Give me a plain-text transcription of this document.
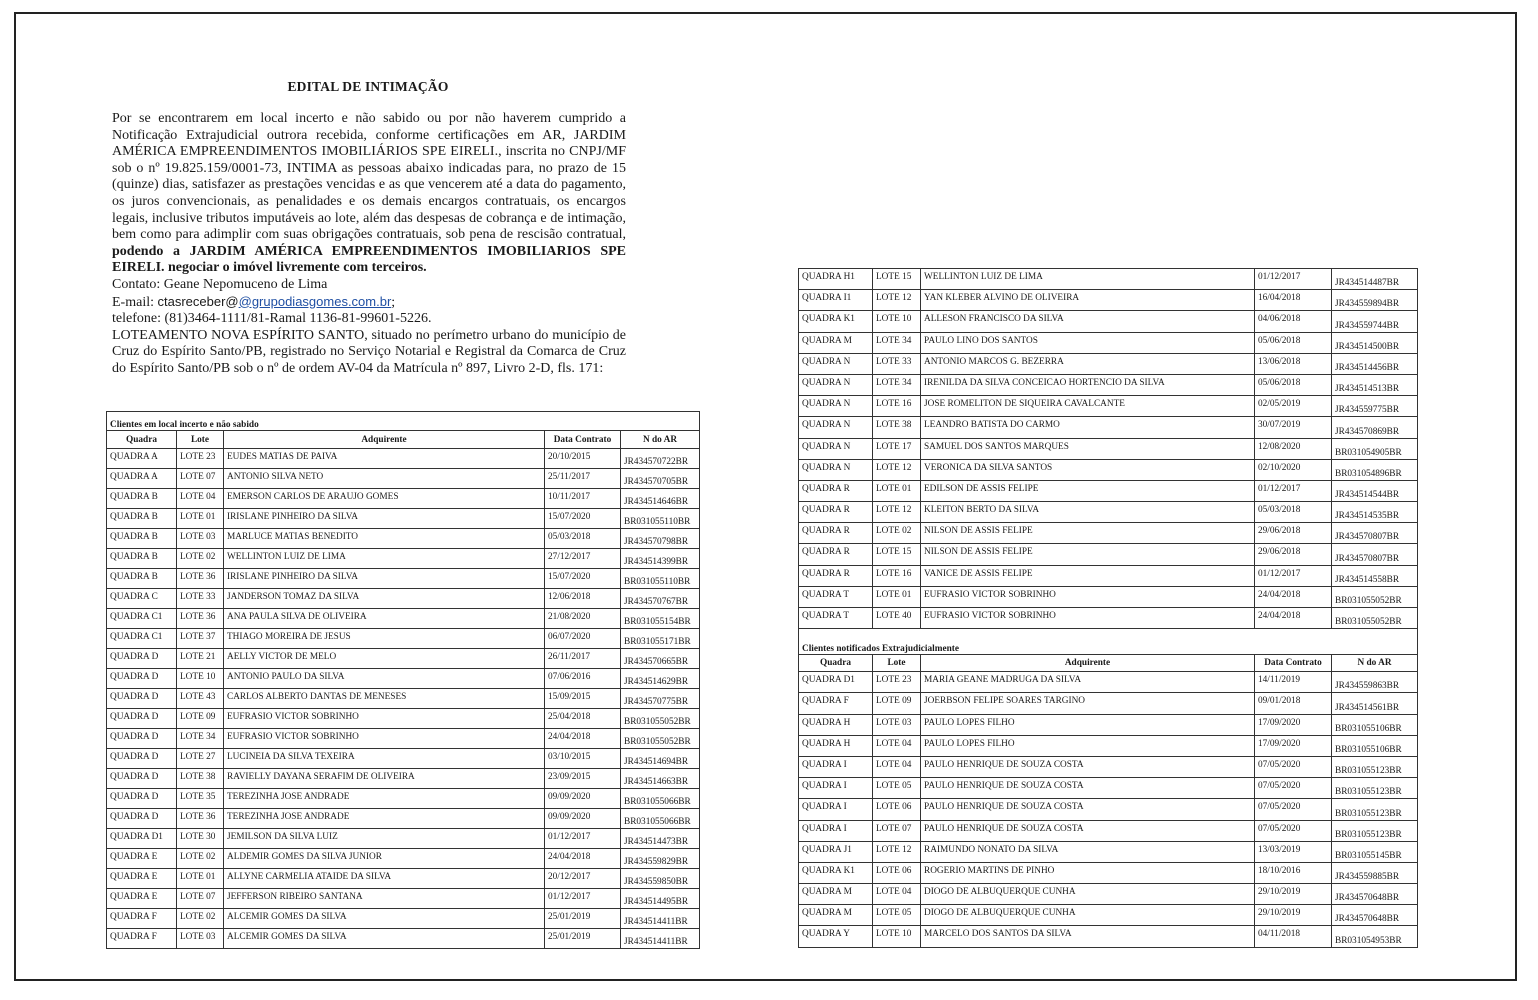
EDITAL DE INTIMAÇÃO

Por se encontrarem em local incerto e não sabido ou por não haverem cumprido a Notificação Extrajudicial outrora recebida, conforme certificações em AR, JARDIM AMÉRICA EMPREENDIMENTOS IMOBILIÁRIOS SPE EIRELI., inscrita no CNPJ/MF sob o nº 19.825.159/0001-73, INTIMA as pessoas abaixo indicadas para, no prazo de 15 (quinze) dias, satisfazer as prestações vencidas e as que vencerem até a data do pagamento, os juros convencionais, as penalidades e os demais encargos contratuais, os encargos legais, inclusive tributos imputáveis ao lote, além das despesas de cobrança e de intimação, bem como para adimplir com suas obrigações contratuais, sob pena de rescisão contratual, podendo a JARDIM AMÉRICA EMPREENDIMENTOS IMOBILIARIOS SPE EIRELI. negociar o imóvel livremente com terceiros.

Contato: Geane Nepomuceno de Lima

E-mail: ctasreceber@@grupodiasgomes.com.br;

telefone: (81)3464-1111/81-Ramal 1136-81-99601-5226.

LOTEAMENTO NOVA ESPÍRITO SANTO, situado no perímetro urbano do município de Cruz do Espírito Santo/PB, registrado no Serviço Notarial e Registral da Comarca de Cruz do Espírito Santo/PB sob o nº de ordem AV-04 da Matrícula nº 897, Livro 2-D, fls. 171:

Clientes em local incerto e não sabido				
Quadra	Lote	Adquirente	Data Contrato	N do AR
QUADRA A	LOTE 23	EUDES MATIAS DE PAIVA	20/10/2015	JR434570722BR
QUADRA A	LOTE 07	ANTONIO SILVA NETO	25/11/2017	JR434570705BR
QUADRA B	LOTE 04	EMERSON CARLOS DE ARAUJO GOMES	10/11/2017	JR434514646BR
QUADRA B	LOTE 01	IRISLANE PINHEIRO DA SILVA	15/07/2020	BR031055110BR
QUADRA B	LOTE 03	MARLUCE MATIAS BENEDITO	05/03/2018	JR434570798BR
QUADRA B	LOTE 02	WELLINTON LUIZ DE LIMA	27/12/2017	JR434514399BR
QUADRA B	LOTE 36	IRISLANE PINHEIRO DA SILVA	15/07/2020	BR031055110BR
QUADRA C	LOTE 33	JANDERSON TOMAZ DA SILVA	12/06/2018	JR434570767BR
QUADRA C1	LOTE 36	ANA PAULA SILVA DE OLIVEIRA	21/08/2020	BR031055154BR
QUADRA C1	LOTE 37	THIAGO MOREIRA DE JESUS	06/07/2020	BR031055171BR
QUADRA D	LOTE 21	AELLY VICTOR DE MELO	26/11/2017	JR434570665BR
QUADRA D	LOTE 10	ANTONIO PAULO DA SILVA	07/06/2016	JR434514629BR
QUADRA D	LOTE 43	CARLOS ALBERTO DANTAS DE MENESES	15/09/2015	JR434570775BR
QUADRA D	LOTE 09	EUFRASIO VICTOR SOBRINHO	25/04/2018	BR031055052BR
QUADRA D	LOTE 34	EUFRASIO VICTOR SOBRINHO	24/04/2018	BR031055052BR
QUADRA D	LOTE 27	LUCINEIA DA SILVA TEXEIRA	03/10/2015	JR434514694BR
QUADRA D	LOTE 38	RAVIELLY DAYANA SERAFIM DE OLIVEIRA	23/09/2015	JR434514663BR
QUADRA D	LOTE 35	TEREZINHA JOSE ANDRADE	09/09/2020	BR031055066BR
QUADRA D	LOTE 36	TEREZINHA JOSE ANDRADE	09/09/2020	BR031055066BR
QUADRA D1	LOTE 30	JEMILSON DA SILVA LUIZ	01/12/2017	JR434514473BR
QUADRA E	LOTE 02	ALDEMIR GOMES DA SILVA JUNIOR	24/04/2018	JR434559829BR
QUADRA E	LOTE 01	ALLYNE CARMELIA ATAIDE DA SILVA	20/12/2017	JR434559850BR
QUADRA E	LOTE 07	JEFFERSON RIBEIRO SANTANA	01/12/2017	JR434514495BR
QUADRA F	LOTE 02	ALCEMIR GOMES DA SILVA	25/01/2019	JR434514411BR
QUADRA F	LOTE 03	ALCEMIR GOMES DA SILVA	25/01/2019	JR434514411BR
QUADRA H1	LOTE 15	WELLINTON LUIZ DE LIMA	01/12/2017	JR434514487BR
QUADRA I1	LOTE 12	YAN KLEBER ALVINO DE OLIVEIRA	16/04/2018	JR434559894BR
QUADRA K1	LOTE 10	ALLESON FRANCISCO DA SILVA	04/06/2018	JR434559744BR
QUADRA M	LOTE 34	PAULO LINO DOS SANTOS	05/06/2018	JR434514500BR
QUADRA N	LOTE 33	ANTONIO MARCOS G. BEZERRA	13/06/2018	JR434514456BR
QUADRA N	LOTE 34	IRENILDA DA SILVA CONCEICAO HORTENCIO DA SILVA	05/06/2018	JR434514513BR
QUADRA N	LOTE 16	JOSE ROMELITON DE SIQUEIRA CAVALCANTE	02/05/2019	JR434559775BR
QUADRA N	LOTE 38	LEANDRO BATISTA DO CARMO	30/07/2019	JR434570869BR
QUADRA N	LOTE 17	SAMUEL DOS SANTOS MARQUES	12/08/2020	BR031054905BR
QUADRA N	LOTE 12	VERONICA DA SILVA SANTOS	02/10/2020	BR031054896BR
QUADRA R	LOTE 01	EDILSON DE ASSIS FELIPE	01/12/2017	JR434514544BR
QUADRA R	LOTE 12	KLEITON BERTO DA SILVA	05/03/2018	JR434514535BR
QUADRA R	LOTE 02	NILSON DE ASSIS FELIPE	29/06/2018	JR434570807BR
QUADRA R	LOTE 15	NILSON DE ASSIS FELIPE	29/06/2018	JR434570807BR
QUADRA R	LOTE 16	VANICE DE ASSIS FELIPE	01/12/2017	JR434514558BR
QUADRA T	LOTE 01	EUFRASIO VICTOR SOBRINHO	24/04/2018	BR031055052BR
QUADRA T	LOTE 40	EUFRASIO VICTOR SOBRINHO	24/04/2018	BR031055052BR

Clientes notificados Extrajudicialmente				
Quadra	Lote	Adquirente	Data Contrato	N do AR
QUADRA D1	LOTE 23	MARIA GEANE MADRUGA DA SILVA	14/11/2019	JR434559863BR
QUADRA F	LOTE 09	JOERBSON FELIPE SOARES TARGINO	09/01/2018	JR434514561BR
QUADRA H	LOTE 03	PAULO LOPES FILHO	17/09/2020	BR031055106BR
QUADRA H	LOTE 04	PAULO LOPES FILHO	17/09/2020	BR031055106BR
QUADRA I	LOTE 04	PAULO HENRIQUE DE SOUZA COSTA	07/05/2020	BR031055123BR
QUADRA I	LOTE 05	PAULO HENRIQUE DE SOUZA COSTA	07/05/2020	BR031055123BR
QUADRA I	LOTE 06	PAULO HENRIQUE DE SOUZA COSTA	07/05/2020	BR031055123BR
QUADRA I	LOTE 07	PAULO HENRIQUE DE SOUZA COSTA	07/05/2020	BR031055123BR
QUADRA J1	LOTE 12	RAIMUNDO NONATO DA SILVA	13/03/2019	BR031055145BR
QUADRA K1	LOTE 06	ROGERIO MARTINS DE PINHO	18/10/2016	JR434559885BR
QUADRA M	LOTE 04	DIOGO DE ALBUQUERQUE CUNHA	29/10/2019	JR434570648BR
QUADRA M	LOTE 05	DIOGO DE ALBUQUERQUE CUNHA	29/10/2019	JR434570648BR
QUADRA Y	LOTE 10	MARCELO DOS SANTOS DA SILVA	04/11/2018	BR031054953BR
